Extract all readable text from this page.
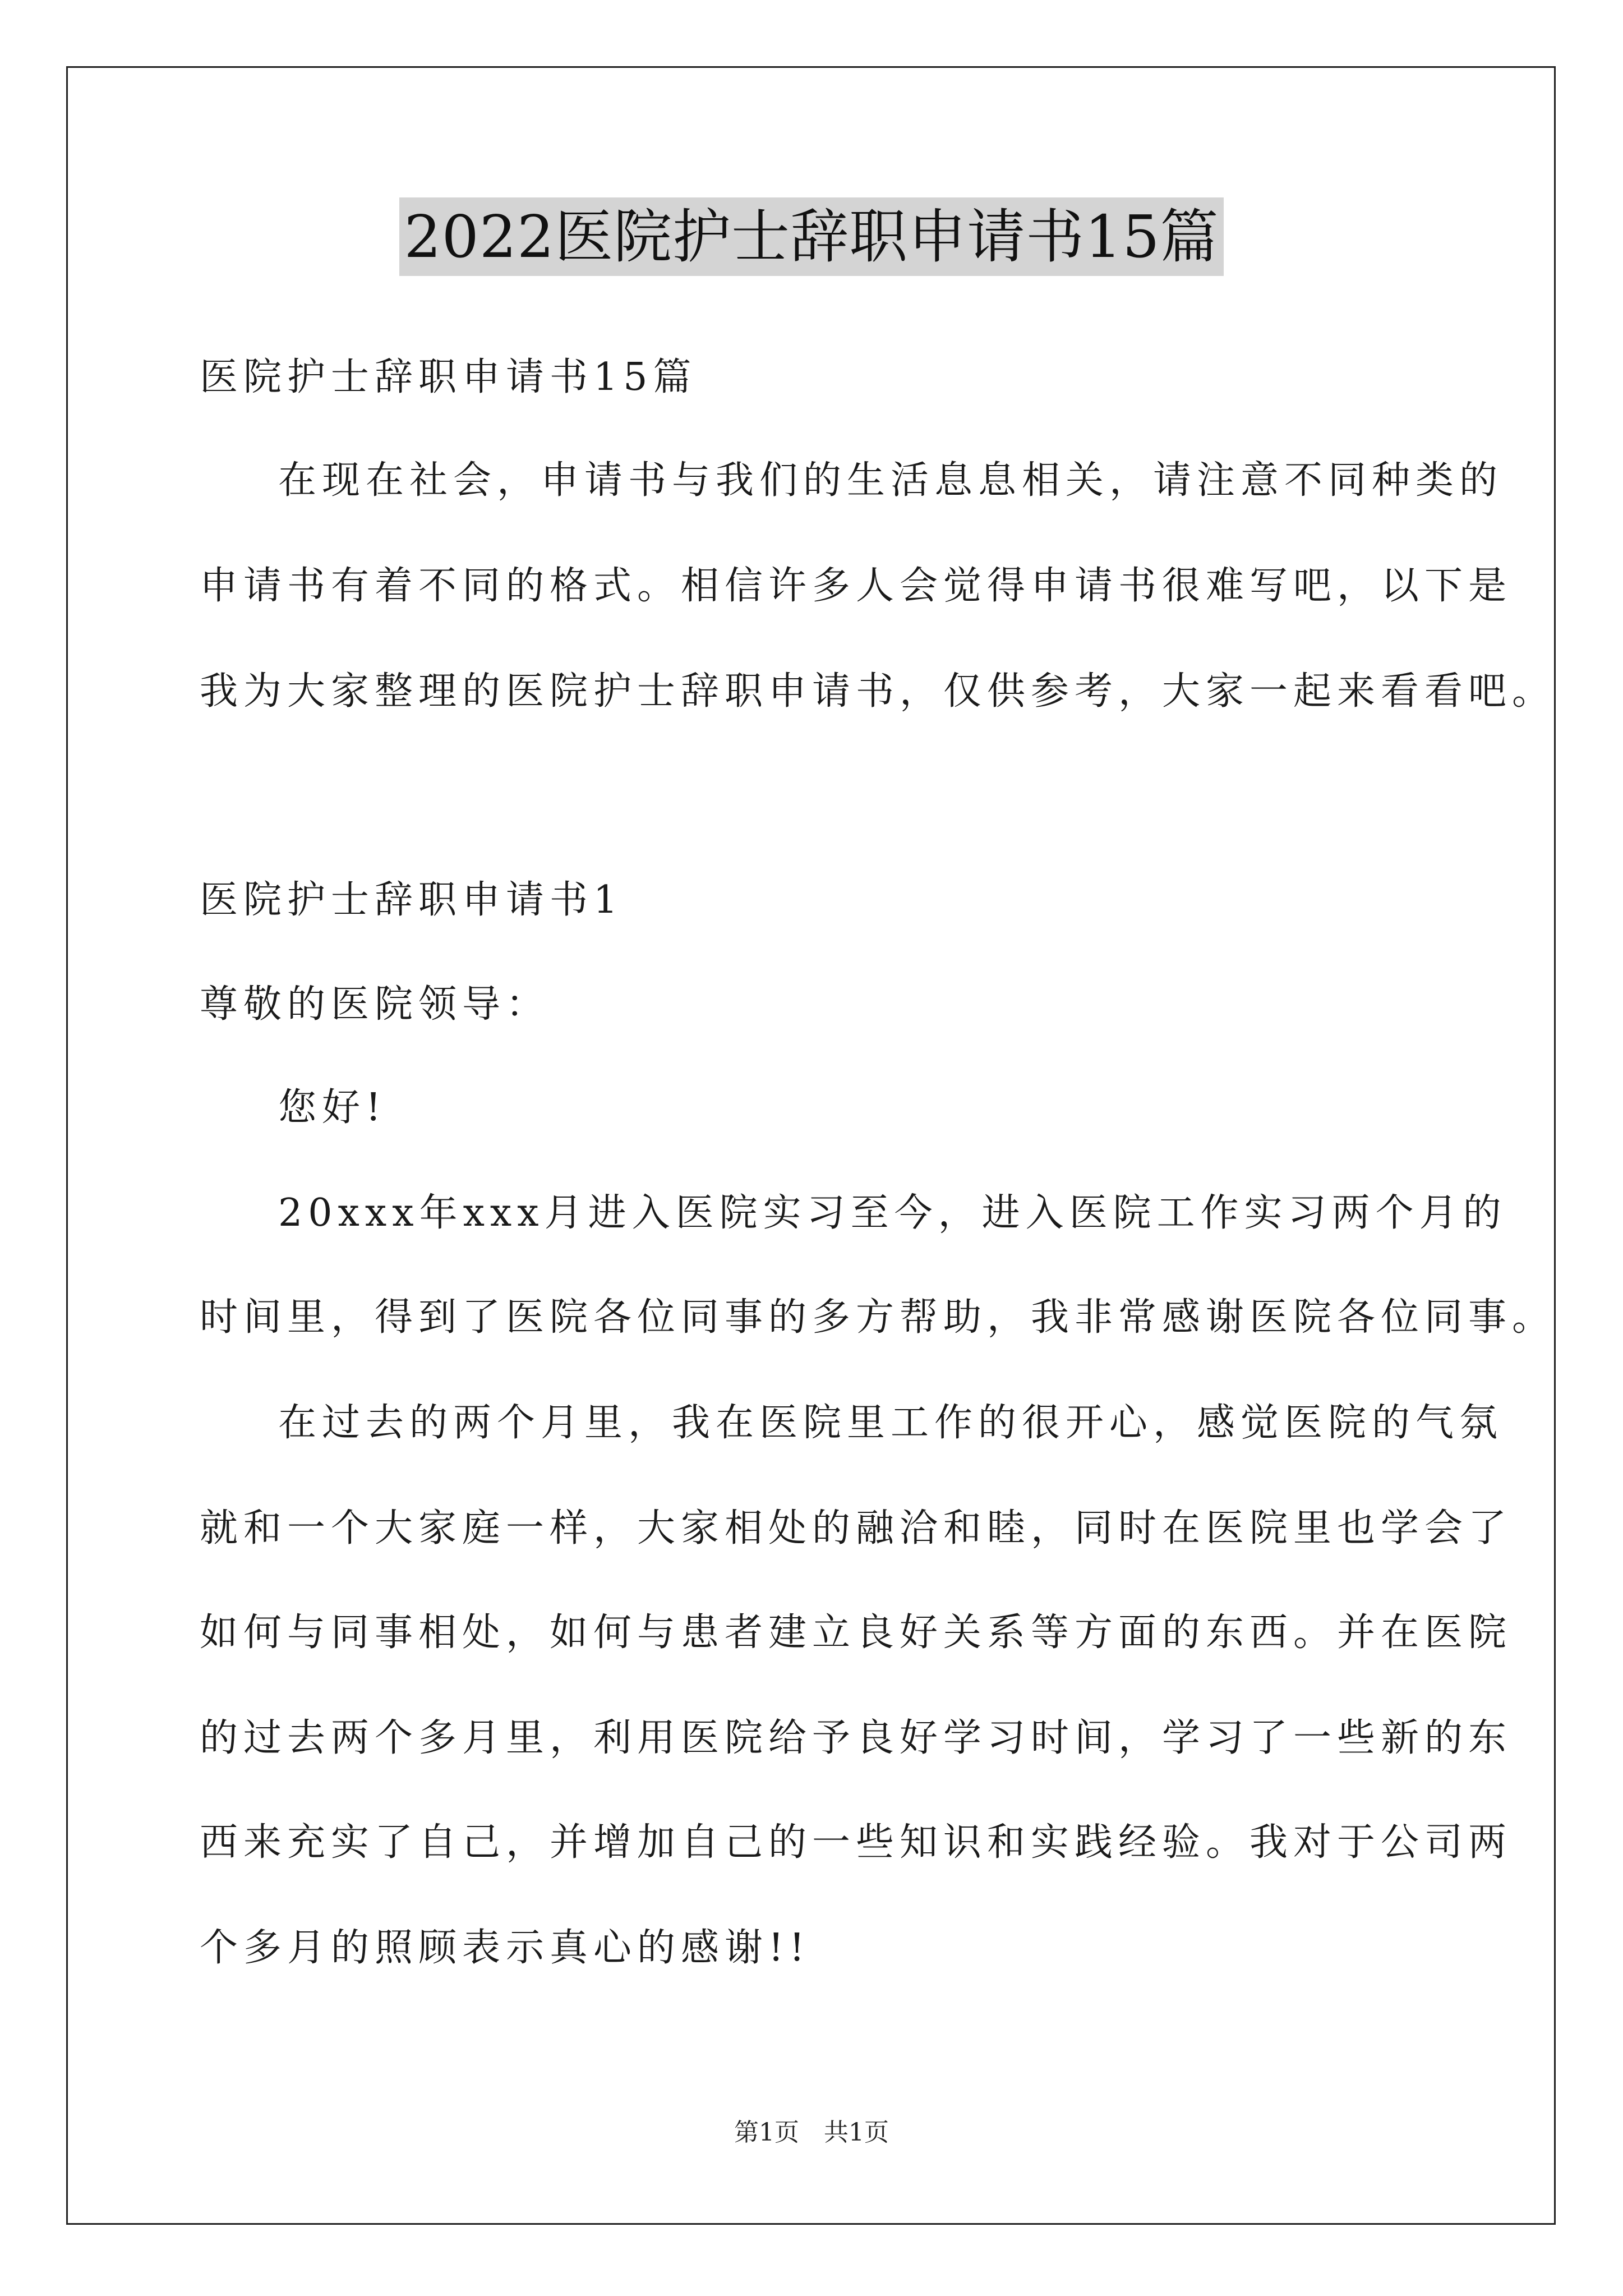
2022医院护士辞职申请书15篇
医院护士辞职申请书15篇
在现在社会，申请书与我们的生活息息相关，请注意不同种类的
申请书有着不同的格式。相信许多人会觉得申请书很难写吧，以下是
我为大家整理的医院护士辞职申请书，仅供参考，大家一起来看看吧。
医院护士辞职申请书1
尊敬的医院领导：
您好!
20xxx年xxx月进入医院实习至今，进入医院工作实习两个月的
时间里，得到了医院各位同事的多方帮助，我非常感谢医院各位同事。
在过去的两个月里，我在医院里工作的很开心，感觉医院的气氛
就和一个大家庭一样，大家相处的融洽和睦，同时在医院里也学会了
如何与同事相处，如何与患者建立良好关系等方面的东西。并在医院
的过去两个多月里，利用医院给予良好学习时间，学习了一些新的东
西来充实了自己，并增加自己的一些知识和实践经验。我对于公司两
个多月的照顾表示真心的感谢!!
第1页　共1页
